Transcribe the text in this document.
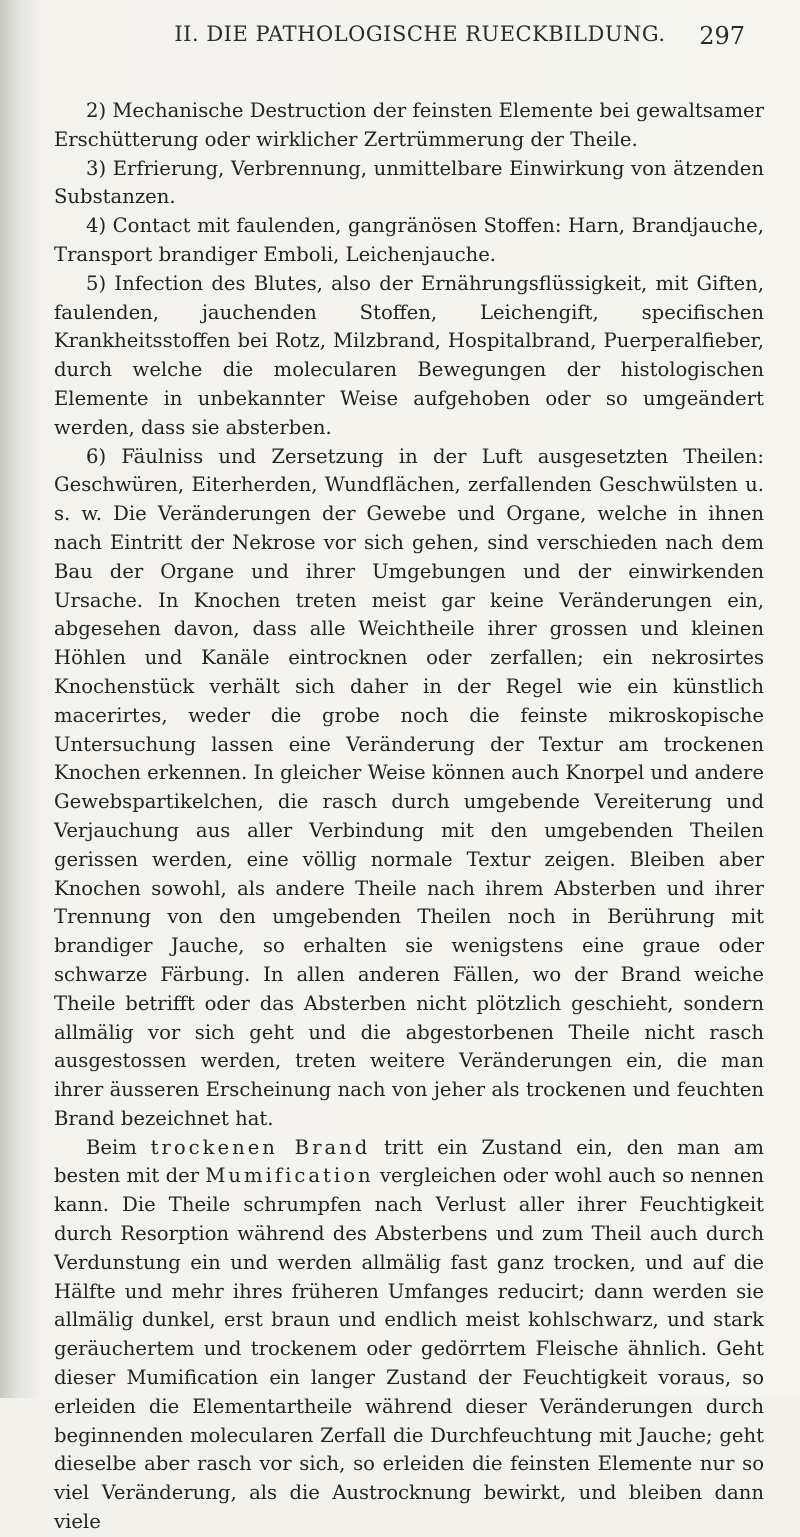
II. DIE PATHOLOGISCHE RUECKBILDUNG.	297

2) Mechanische Destruction der feinsten Elemente bei gewaltsamer Erschütterung oder wirklicher Zertrümmerung der Theile.

3) Erfrierung, Verbrennung, unmittelbare Einwirkung von ätzenden Substanzen.

4) Contact mit faulenden, gangränösen Stoffen: Harn, Brandjauche, Transport brandiger Emboli, Leichenjauche.

5) Infection des Blutes, also der Ernährungsflüssigkeit, mit Giften, faulenden, jauchenden Stoffen, Leichengift, specifischen Krankheitsstoffen bei Rotz, Milzbrand, Hospitalbrand, Puerperalfieber, durch welche die molecularen Bewegungen der histologischen Elemente in unbekannter Weise aufgehoben oder so umgeändert werden, dass sie absterben.

6) Fäulniss und Zersetzung in der Luft ausgesetzten Theilen: Geschwüren, Eiterherden, Wundflächen, zerfallenden Geschwülsten u. s. w. Die Veränderungen der Gewebe und Organe, welche in ihnen nach Eintritt der Nekrose vor sich gehen, sind verschieden nach dem Bau der Organe und ihrer Umgebungen und der einwirkenden Ursache. In Knochen treten meist gar keine Veränderungen ein, abgesehen davon, dass alle Weichtheile ihrer grossen und kleinen Höhlen und Kanäle eintrocknen oder zerfallen; ein nekrosirtes Knochenstück verhält sich daher in der Regel wie ein künstlich macerirtes, weder die grobe noch die feinste mikroskopische Untersuchung lassen eine Veränderung der Textur am trockenen Knochen erkennen. In gleicher Weise können auch Knorpel und andere Gewebspartikelchen, die rasch durch umgebende Vereiterung und Verjauchung aus aller Verbindung mit den umgebenden Theilen gerissen werden, eine völlig normale Textur zeigen. Bleiben aber Knochen sowohl, als andere Theile nach ihrem Absterben und ihrer Trennung von den umgebenden Theilen noch in Berührung mit brandiger Jauche, so erhalten sie wenigstens eine graue oder schwarze Färbung. In allen anderen Fällen, wo der Brand weiche Theile betrifft oder das Absterben nicht plötzlich geschieht, sondern allmälig vor sich geht und die abgestorbenen Theile nicht rasch ausgestossen werden, treten weitere Veränderungen ein, die man ihrer äusseren Erscheinung nach von jeher als trockenen und feuchten Brand bezeichnet hat.

Beim trockenen Brand tritt ein Zustand ein, den man am besten mit der Mumification vergleichen oder wohl auch so nennen kann. Die Theile schrumpfen nach Verlust aller ihrer Feuchtigkeit durch Resorption während des Absterbens und zum Theil auch durch Verdunstung ein und werden allmälig fast ganz trocken, und auf die Hälfte und mehr ihres früheren Umfanges reducirt; dann werden sie allmälig dunkel, erst braun und endlich meist kohlschwarz, und stark geräuchertem und trockenem oder gedörrtem Fleische ähnlich. Geht dieser Mumification ein langer Zustand der Feuchtigkeit voraus, so erleiden die Elementartheile während dieser Veränderungen durch beginnenden molecularen Zerfall die Durchfeuchtung mit Jauche; geht dieselbe aber rasch vor sich, so erleiden die feinsten Elemente nur so viel Veränderung, als die Austrocknung bewirkt, und bleiben dann viele
